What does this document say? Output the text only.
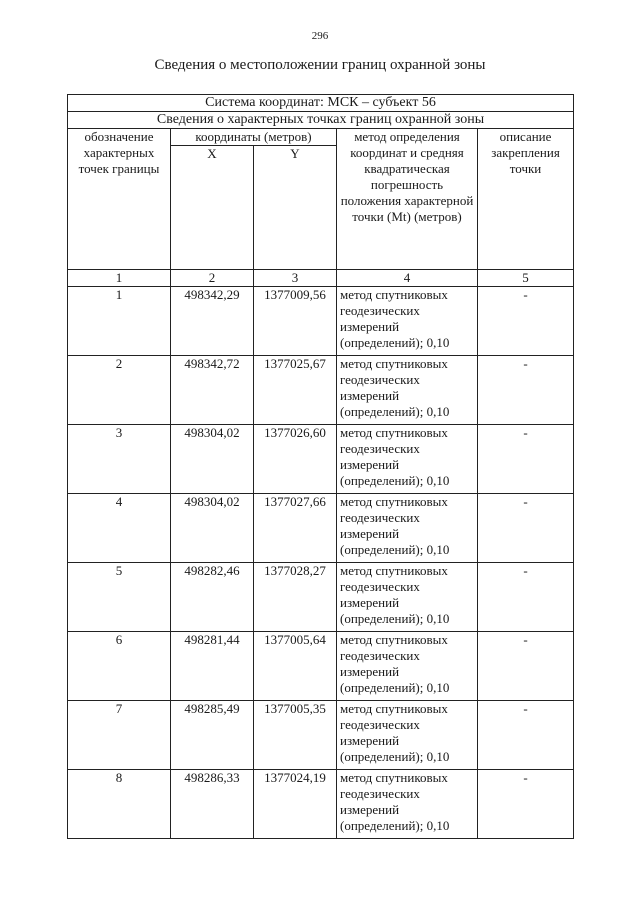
296
Сведения о местоположении границ охранной зоны
Система координат: МСК – субъект 56				
Сведения о характерных точках границ охранной зоны				
обозначение характерных точек границы	координаты (метров)		метод определения координат и средняя квадратическая погрешность положения характерной точки (Mt) (метров)	описание закрепления точки
	X	Y		
1	2	3	4	5
1	498342,29	1377009,56	метод спутниковых геодезических измерений (определений); 0,10	-
2	498342,72	1377025,67	метод спутниковых геодезических измерений (определений); 0,10	-
3	498304,02	1377026,60	метод спутниковых геодезических измерений (определений); 0,10	-
4	498304,02	1377027,66	метод спутниковых геодезических измерений (определений); 0,10	-
5	498282,46	1377028,27	метод спутниковых геодезических измерений (определений); 0,10	-
6	498281,44	1377005,64	метод спутниковых геодезических измерений (определений); 0,10	-
7	498285,49	1377005,35	метод спутниковых геодезических измерений (определений); 0,10	-
8	498286,33	1377024,19	метод спутниковых геодезических измерений (определений); 0,10	-
